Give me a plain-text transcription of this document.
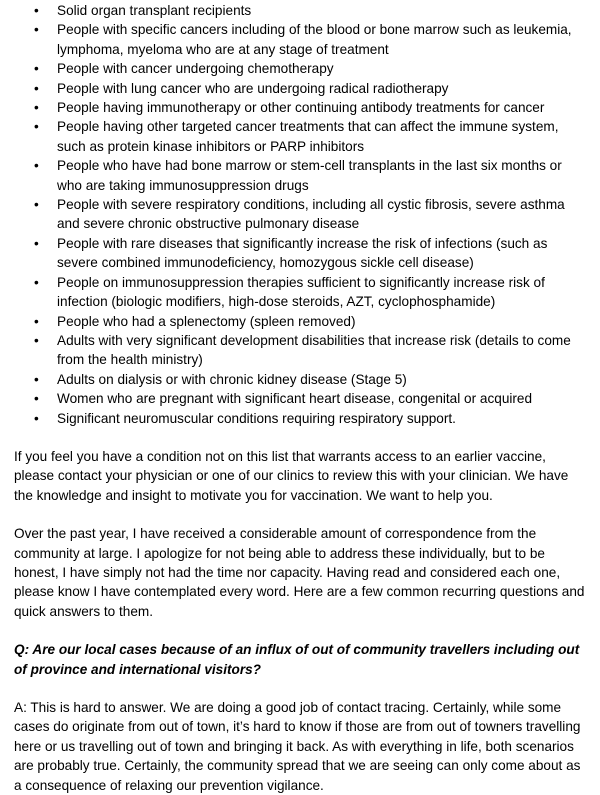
• Solid organ transplant recipients
• People with specific cancers including of the blood or bone marrow such as leukemia, lymphoma, myeloma who are at any stage of treatment
• People with cancer undergoing chemotherapy
• People with lung cancer who are undergoing radical radiotherapy
• People having immunotherapy or other continuing antibody treatments for cancer
• People having other targeted cancer treatments that can affect the immune system, such as protein kinase inhibitors or PARP inhibitors
• People who have had bone marrow or stem-cell transplants in the last six months or who are taking immunosuppression drugs
• People with severe respiratory conditions, including all cystic fibrosis, severe asthma and severe chronic obstructive pulmonary disease
• People with rare diseases that significantly increase the risk of infections (such as severe combined immunodeficiency, homozygous sickle cell disease)
• People on immunosuppression therapies sufficient to significantly increase risk of infection (biologic modifiers, high-dose steroids, AZT, cyclophosphamide)
• People who had a splenectomy (spleen removed)
• Adults with very significant development disabilities that increase risk (details to come from the health ministry)
• Adults on dialysis or with chronic kidney disease (Stage 5)
• Women who are pregnant with significant heart disease, congenital or acquired
• Significant neuromuscular conditions requiring respiratory support.

If you feel you have a condition not on this list that warrants access to an earlier vaccine, please contact your physician or one of our clinics to review this with your clinician. We have the knowledge and insight to motivate you for vaccination. We want to help you.

Over the past year, I have received a considerable amount of correspondence from the community at large. I apologize for not being able to address these individually, but to be honest, I have simply not had the time nor capacity. Having read and considered each one, please know I have contemplated every word. Here are a few common recurring questions and quick answers to them.

Q: Are our local cases because of an influx of out of community travellers including out of province and international visitors?

A: This is hard to answer. We are doing a good job of contact tracing. Certainly, while some cases do originate from out of town, it’s hard to know if those are from out of towners travelling here or us travelling out of town and bringing it back. As with everything in life, both scenarios are probably true. Certainly, the community spread that we are seeing can only come about as a consequence of relaxing our prevention vigilance.
